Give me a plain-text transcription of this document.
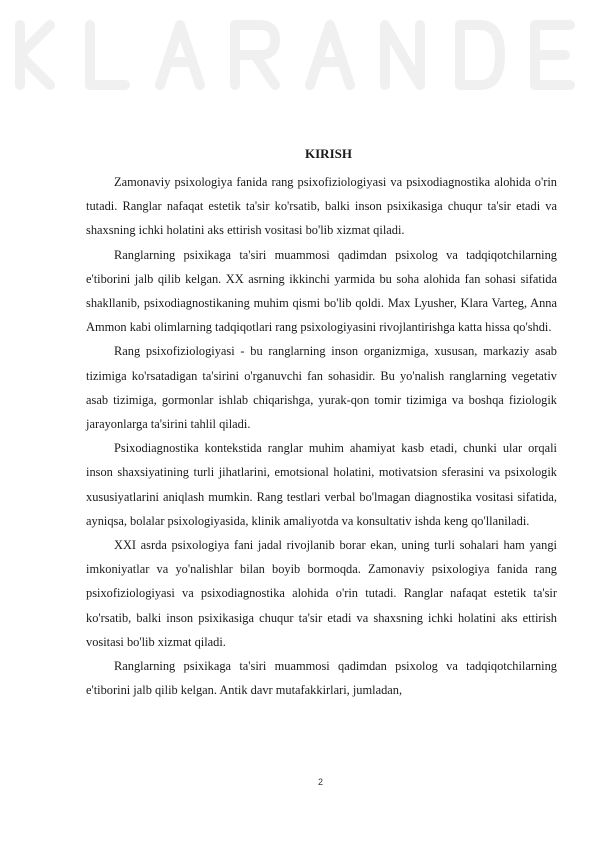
KIRISH

Zamonaviy psixologiya fanida rang psixofiziologiyasi va psixodiagnostika alohida o'rin tutadi. Ranglar nafaqat estetik ta'sir ko'rsatib, balki inson psixikasiga chuqur ta'sir etadi va shaxsning ichki holatini aks ettirish vositasi bo'lib xizmat qiladi.

Ranglarning psixikaga ta'siri muammosi qadimdan psixolog va tadqiqotchilarning e'tiborini jalb qilib kelgan. XX asrning ikkinchi yarmida bu soha alohida fan sohasi sifatida shakllanib, psixodiagnostikaning muhim qismi bo'lib qoldi. Max Lyusher, Klara Varteg, Anna Ammon kabi olimlarning tadqiqotlari rang psixologiyasini rivojlantirishga katta hissa qo'shdi.

Rang psixofiziologiyasi - bu ranglarning inson organizmiga, xususan, markaziy asab tizimiga ko'rsatadigan ta'sirini o'rganuvchi fan sohasidir. Bu yo'nalish ranglarning vegetativ asab tizimiga, gormonlar ishlab chiqarishga, yurak-qon tomir tizimiga va boshqa fiziologik jarayonlarga ta'sirini tahlil qiladi.

Psixodiagnostika kontekstida ranglar muhim ahamiyat kasb etadi, chunki ular orqali inson shaxsiyatining turli jihatlarini, emotsional holatini, motivatsion sferasini va psixologik xususiyatlarini aniqlash mumkin. Rang testlari verbal bo'lmagan diagnostika vositasi sifatida, ayniqsa, bolalar psixologiyasida, klinik amaliyotda va konsultativ ishda keng qo'llaniladi.

XXI asrda psixologiya fani jadal rivojlanib borar ekan, uning turli sohalari ham yangi imkoniyatlar va yo'nalishlar bilan boyib bormoqda. Zamonaviy psixologiya fanida rang psixofiziologiyasi va psixodiagnostika alohida o'rin tutadi. Ranglar nafaqat estetik ta'sir ko'rsatib, balki inson psixikasiga chuqur ta'sir etadi va shaxsning ichki holatini aks ettirish vositasi bo'lib xizmat qiladi.

Ranglarning psixikaga ta'siri muammosi qadimdan psixolog va tadqiqotchilarning e'tiborini jalb qilib kelgan. Antik davr mutafakkirlari, jumladan,

2
